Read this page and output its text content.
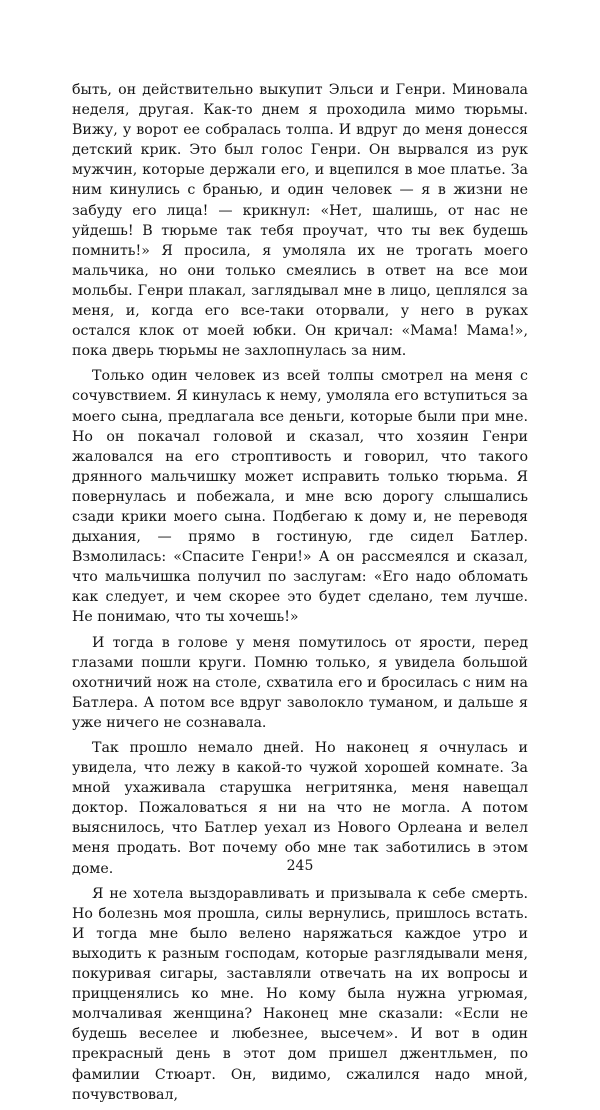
быть, он действительно выкупит Эльси и Генри. Миновала неделя, другая. Как-то днем я проходила мимо тюрьмы. Вижу, у ворот ее собралась толпа. И вдруг до меня донесся детский крик. Это был голос Генри. Он вырвался из рук мужчин, которые держали его, и вцепился в мое платье. За ним кинулись с бранью, и один человек — я в жизни не забуду его лица! — крикнул: «Нет, шалишь, от нас не уйдешь! В тюрьме так тебя проучат, что ты век будешь помнить!» Я просила, я умоляла их не трогать моего мальчика, но они только смеялись в ответ на все мои мольбы. Генри плакал, заглядывал мне в лицо, цеплялся за меня, и, когда его все-таки оторвали, у него в руках остался клок от моей юбки. Он кричал: «Мама! Мама!», пока дверь тюрьмы не захлопнулась за ним.

Только один человек из всей толпы смотрел на меня с сочувствием. Я кинулась к нему, умоляла его вступиться за моего сына, предлагала все деньги, которые были при мне. Но он покачал головой и сказал, что хозяин Генри жаловался на его строптивость и говорил, что такого дрянного мальчишку может исправить только тюрьма. Я повернулась и побежала, и мне всю дорогу слышались сзади крики моего сына. Подбегаю к дому и, не переводя дыхания, — прямо в гостиную, где сидел Батлер. Взмолилась: «Спасите Генри!» А он рассмеялся и сказал, что мальчишка получил по заслугам: «Его надо обломать как следует, и чем скорее это будет сделано, тем лучше. Не понимаю, что ты хочешь!»

И тогда в голове у меня помутилось от ярости, перед глазами пошли круги. Помню только, я увидела большой охотничий нож на столе, схватила его и бросилась с ним на Батлера. А потом все вдруг заволокло туманом, и дальше я уже ничего не сознавала.

Так прошло немало дней. Но наконец я очнулась и увидела, что лежу в какой-то чужой хорошей комнате. За мной ухаживала старушка негритянка, меня навещал доктор. Пожаловаться я ни на что не могла. А потом выяснилось, что Батлер уехал из Нового Орлеана и велел меня продать. Вот почему обо мне так заботились в этом доме.

Я не хотела выздоравливать и призывала к себе смерть. Но болезнь моя прошла, силы вернулись, пришлось встать. И тогда мне было велено наряжаться каждое утро и выходить к разным господам, которые разглядывали меня, покуривая сигары, заставляли отвечать на их вопросы и прицценялись ко мне. Но кому была нужна угрюмая, молчаливая женщина? Наконец мне сказали: «Если не будешь веселее и любезнее, высечем». И вот в один прекрасный день в этот дом пришел джентльмен, по фамилии Стюарт. Он, видимо, сжалился надо мной, почувствовал,

245
